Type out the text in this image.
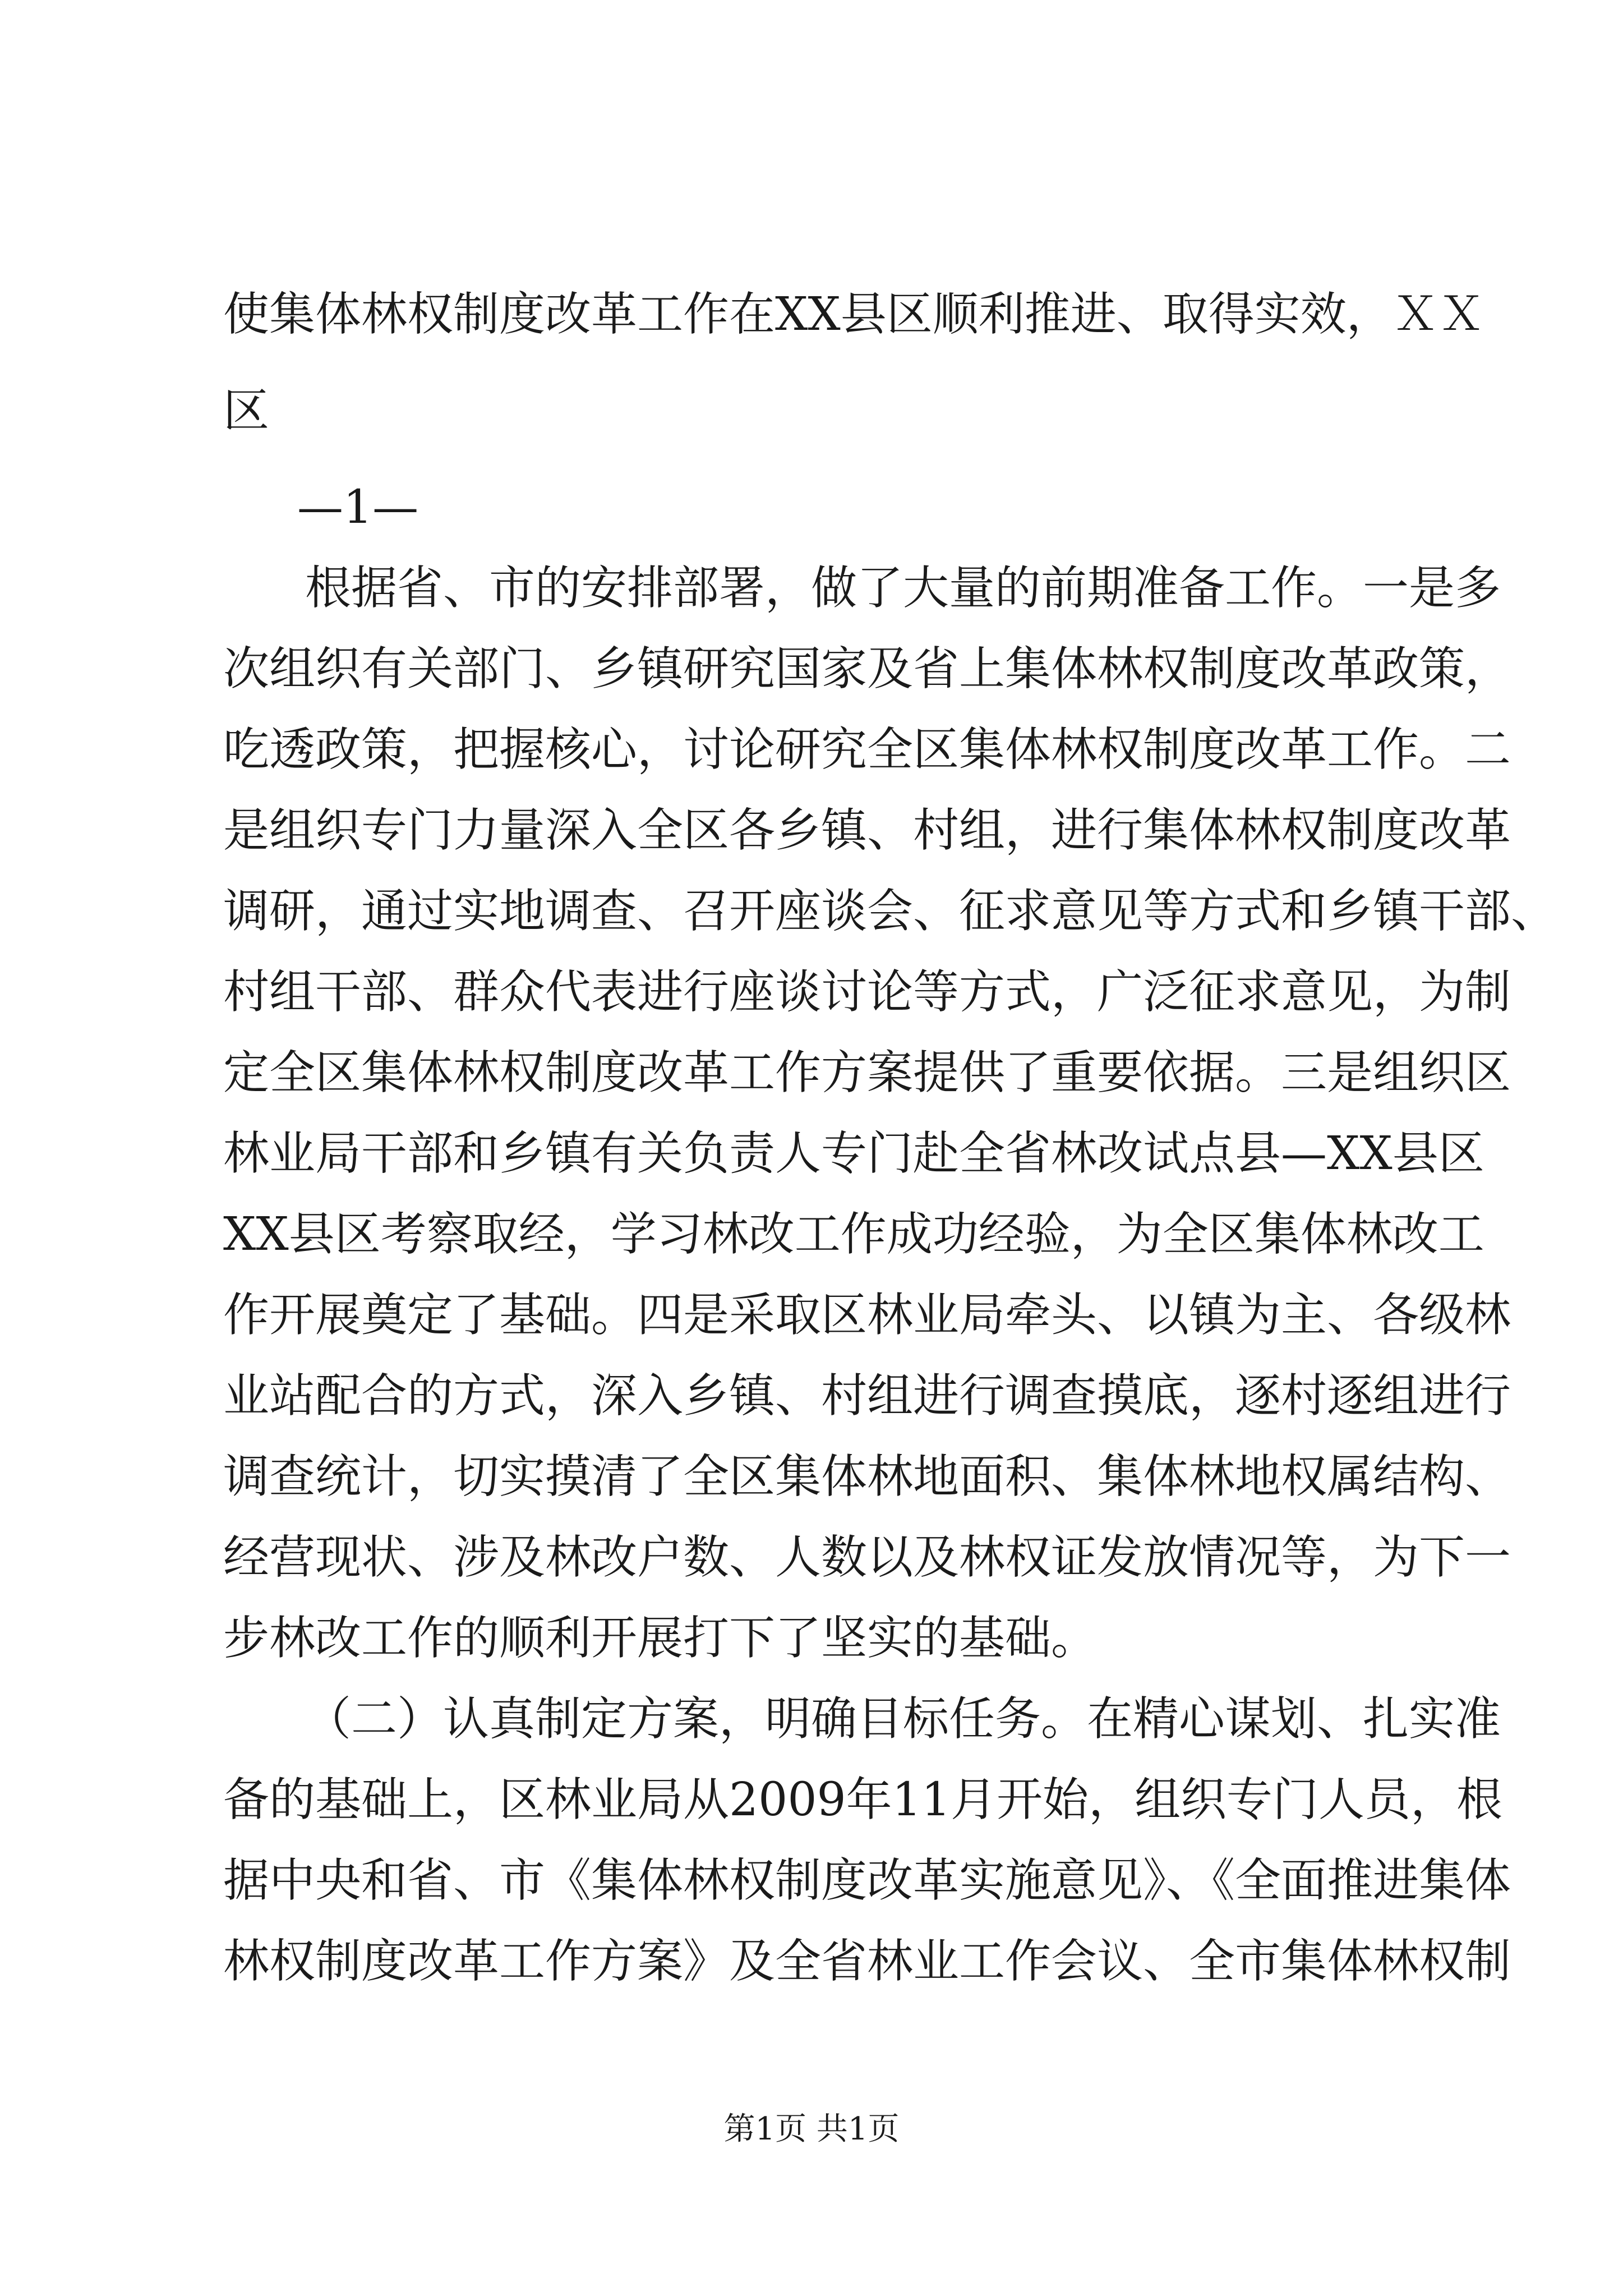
使集体林权制度改革工作在XX县区顺利推进、取得实效，ＸＸ
区
—1—
根据省、市的安排部署，做了大量的前期准备工作。一是多
次组织有关部门、乡镇研究国家及省上集体林权制度改革政策，
吃透政策，把握核心，讨论研究全区集体林权制度改革工作。二
是组织专门力量深入全区各乡镇、村组，进行集体林权制度改革
调研，通过实地调查、召开座谈会、征求意见等方式和乡镇干部、
村组干部、群众代表进行座谈讨论等方式，广泛征求意见，为制
定全区集体林权制度改革工作方案提供了重要依据。三是组织区
林业局干部和乡镇有关负责人专门赴全省林改试点县—XX县区
XX县区考察取经，学习林改工作成功经验，为全区集体林改工
作开展奠定了基础。四是采取区林业局牵头、以镇为主、各级林
业站配合的方式，深入乡镇、村组进行调查摸底，逐村逐组进行
调查统计，切实摸清了全区集体林地面积、集体林地权属结构、
经营现状、涉及林改户数、人数以及林权证发放情况等，为下一
步林改工作的顺利开展打下了坚实的基础。
（二）认真制定方案，明确目标任务。在精心谋划、扎实准
备的基础上，区林业局从2009年11月开始，组织专门人员，根
据中央和省、市《集体林权制度改革实施意见》、《全面推进集体
林权制度改革工作方案》及全省林业工作会议、全市集体林权制
第1页 共1页
